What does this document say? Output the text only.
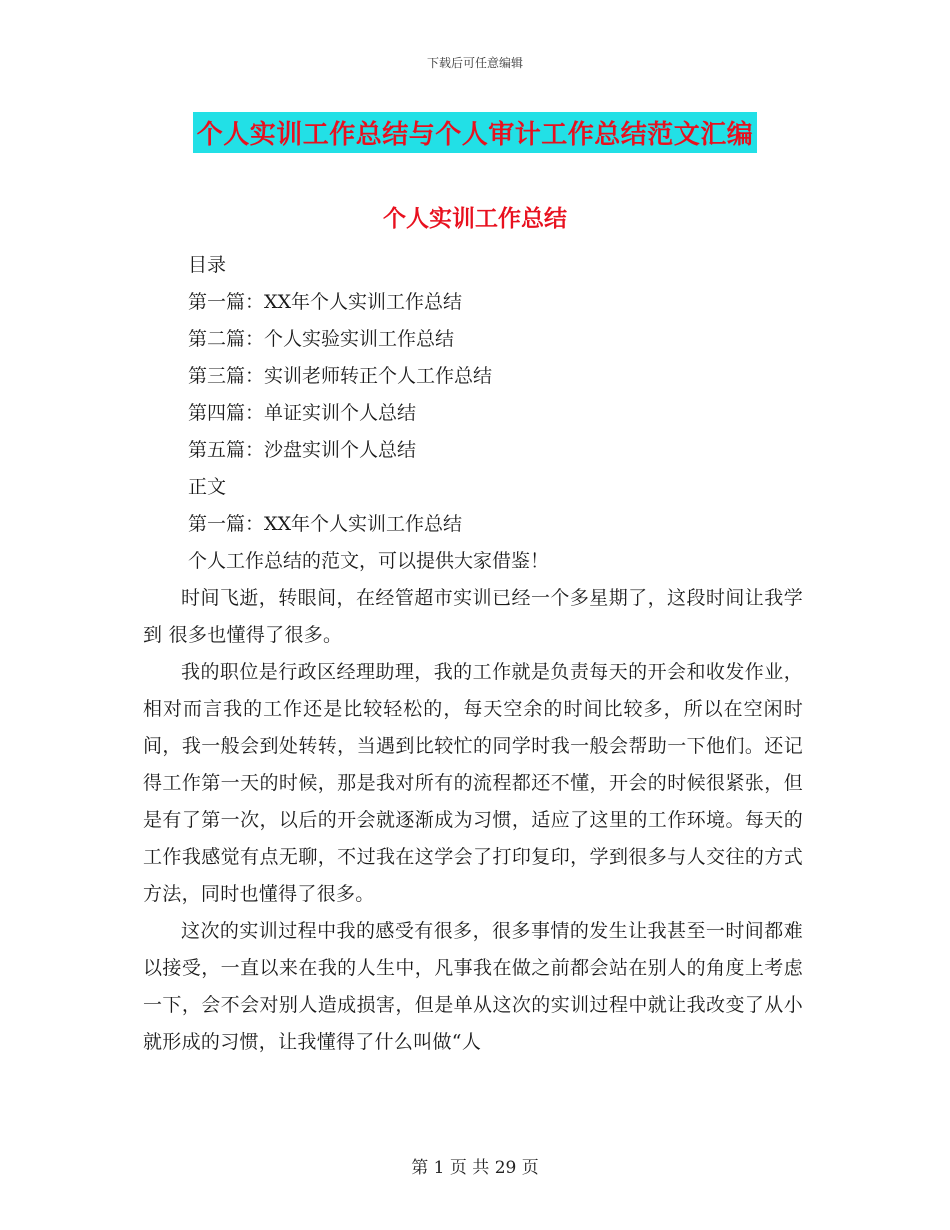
下载后可任意编辑
个人实训工作总结与个人审计工作总结范文汇编
个人实训工作总结
目录
第一篇：XX年个人实训工作总结
第二篇：个人实验实训工作总结
第三篇：实训老师转正个人工作总结
第四篇：单证实训个人总结
第五篇：沙盘实训个人总结
正文
第一篇：XX年个人实训工作总结
个人工作总结的范文，可以提供大家借鉴！

时间飞逝，转眼间，在经管超市实训已经一个多星期了，这段时间让我学到 很多也懂得了很多。

我的职位是行政区经理助理，我的工作就是负责每天的开会和收发作业，相对而言我的工作还是比较轻松的，每天空余的时间比较多，所以在空闲时间，我一般会到处转转，当遇到比较忙的同学时我一般会帮助一下他们。还记得工作第一天的时候，那是我对所有的流程都还不懂，开会的时候很紧张，但是有了第一次，以后的开会就逐渐成为习惯，适应了这里的工作环境。每天的工作我感觉有点无聊，不过我在这学会了打印复印，学到很多与人交往的方式方法，同时也懂得了很多。

这次的实训过程中我的感受有很多，很多事情的发生让我甚至一时间都难以接受，一直以来在我的人生中，凡事我在做之前都会站在别人的角度上考虑一下，会不会对别人造成损害，但是单从这次的实训过程中就让我改变了从小就形成的习惯，让我懂得了什么叫做“人

第 1 页 共 29 页
